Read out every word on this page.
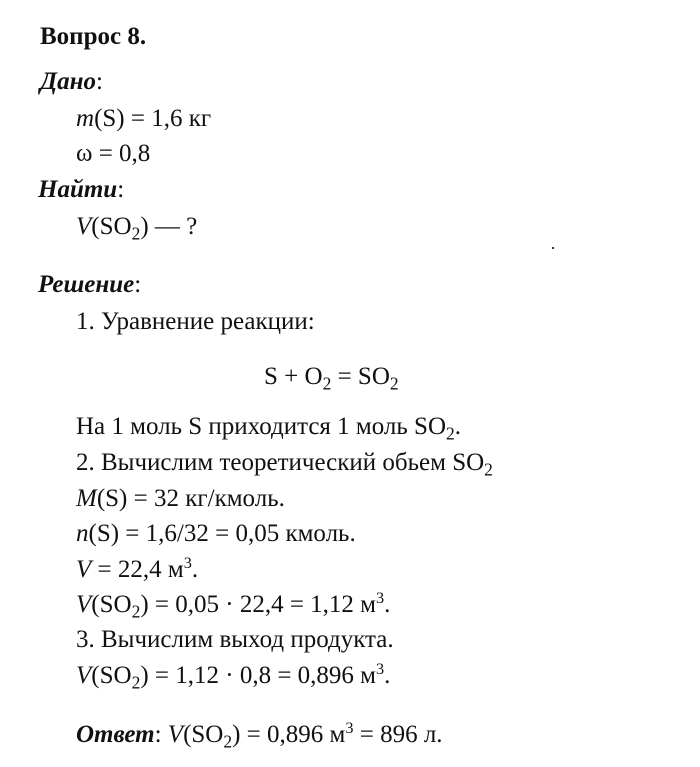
Вопрос 8.
Дано:
m(S) = 1,6 кг
ω = 0,8
Найти:
$V(SO_2)$ — ?
Решение:
1. Уравнение реакции:
$S + O_2 = SO_2$
На 1 моль S приходится 1 моль $SO_2$.
2. Вычислим теоретический обьем $SO_2$
M(S) = 32 кг/кмоль.
n(S) = 1,6/32 = 0,05 кмоль.
V = 22,4 $м^3$.
$V(SO_2) = 0,05 \cdot 22,4 = 1,12$ $м^3$.
3. Вычислим выход продукта.
$V(SO_2) = 1,12 \cdot 0,8 = 0,896$ $м^3$.
Ответ: $V(SO_2) = 0,896$ $м^3 = 896$ л.
